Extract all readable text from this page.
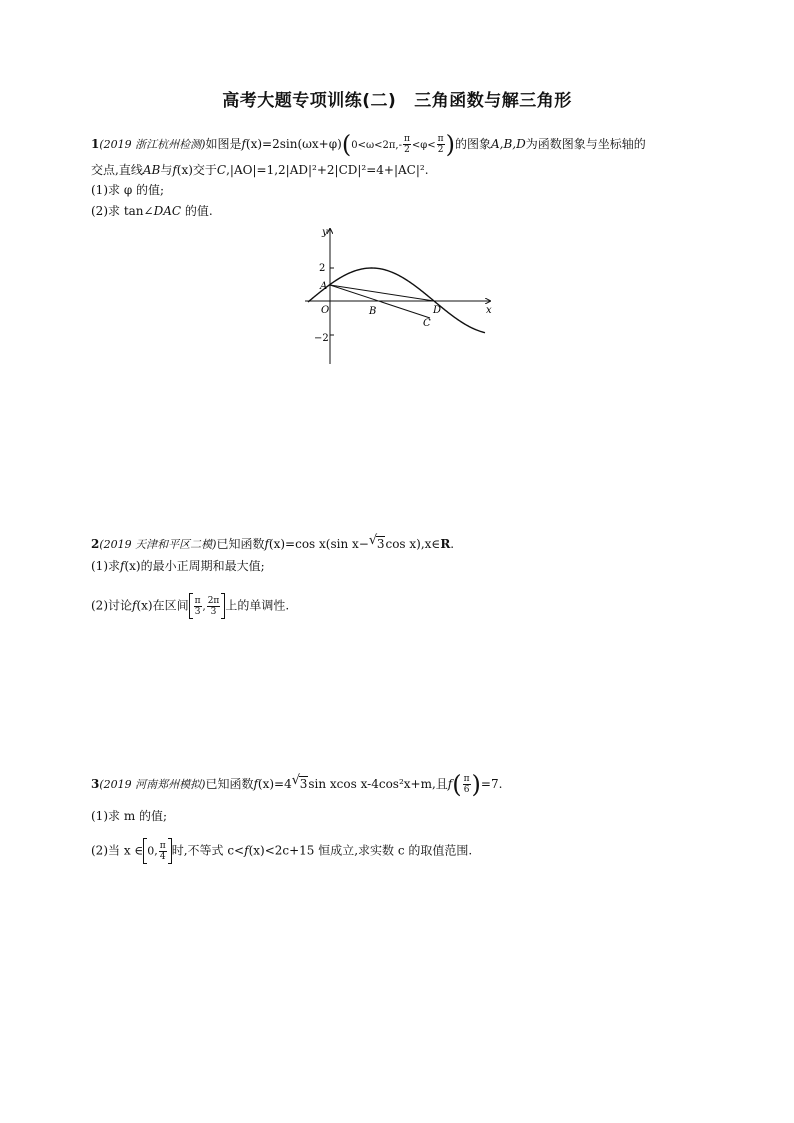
高考大题专项训练(二) 三角函数与解三角形
1(2019 浙江杭州检测)如图是$f(x)=2\sin(\omega x+\varphi)(0<\omega<2\pi,- \frac{\pi}{2} <\varphi< \frac{\pi}{2}$ )的图象A,B,D为函数图象与坐标轴的
交点,直线AB与f(x)交于C,|AO|=1,2|AD|²+2|CD|²=4+|AC|².
(1)求 φ 的值;
(2)求 tan∠DAC 的值.
y
x
2
−2
A
O	B
C
D
2(2019 天津和平区二模)已知函数f(x)=cos x(sin x− √ 3cos x),x∈R.
(1)求f(x)的最小正周期和最大值;
(2)讨论f(x)在区间 $\frac{\pi}{3}$ , $\frac{2\pi}{3}$ 上的单调性.
3(2019 河南郑州模拟)已知函数f(x)=4 √ 3sin xcos x-4cos²x+m,且$f( \frac{\pi}{6} )=7$.
(1)求 m 的值;
(2)当 x ∈ 0, $\frac{\pi}{4}$ 时,不等式 c<f(x)<2c+15 恒成立,求实数 c 的取值范围.
